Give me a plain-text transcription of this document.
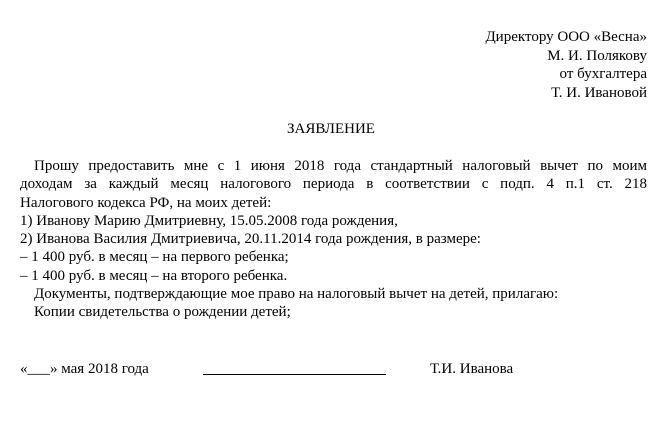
Директору ООО «Весна»
М. И. Полякову
от бухгалтера
Т. И. Ивановой
ЗАЯВЛЕНИЕ
Прошу предоставить мне с 1 июня 2018 года стандартный налоговый вычет по моим
доходам за каждый месяц налогового периода в соответствии с подп. 4 п.1 ст. 218
Налогового кодекса РФ, на моих детей:
1) Иванову Марию Дмитриевну, 15.05.2008 года рождения,
2) Иванова Василия Дмитриевича, 20.11.2014 года рождения, в размере:
– 1 400 руб. в месяц – на первого ребенка;
– 1 400 руб. в месяц – на второго ребенка.
Документы, подтверждающие мое право на налоговый вычет на детей, прилагаю:
Копии свидетельства о рождении детей;
«___» мая 2018 года	Т.И. Иванова
